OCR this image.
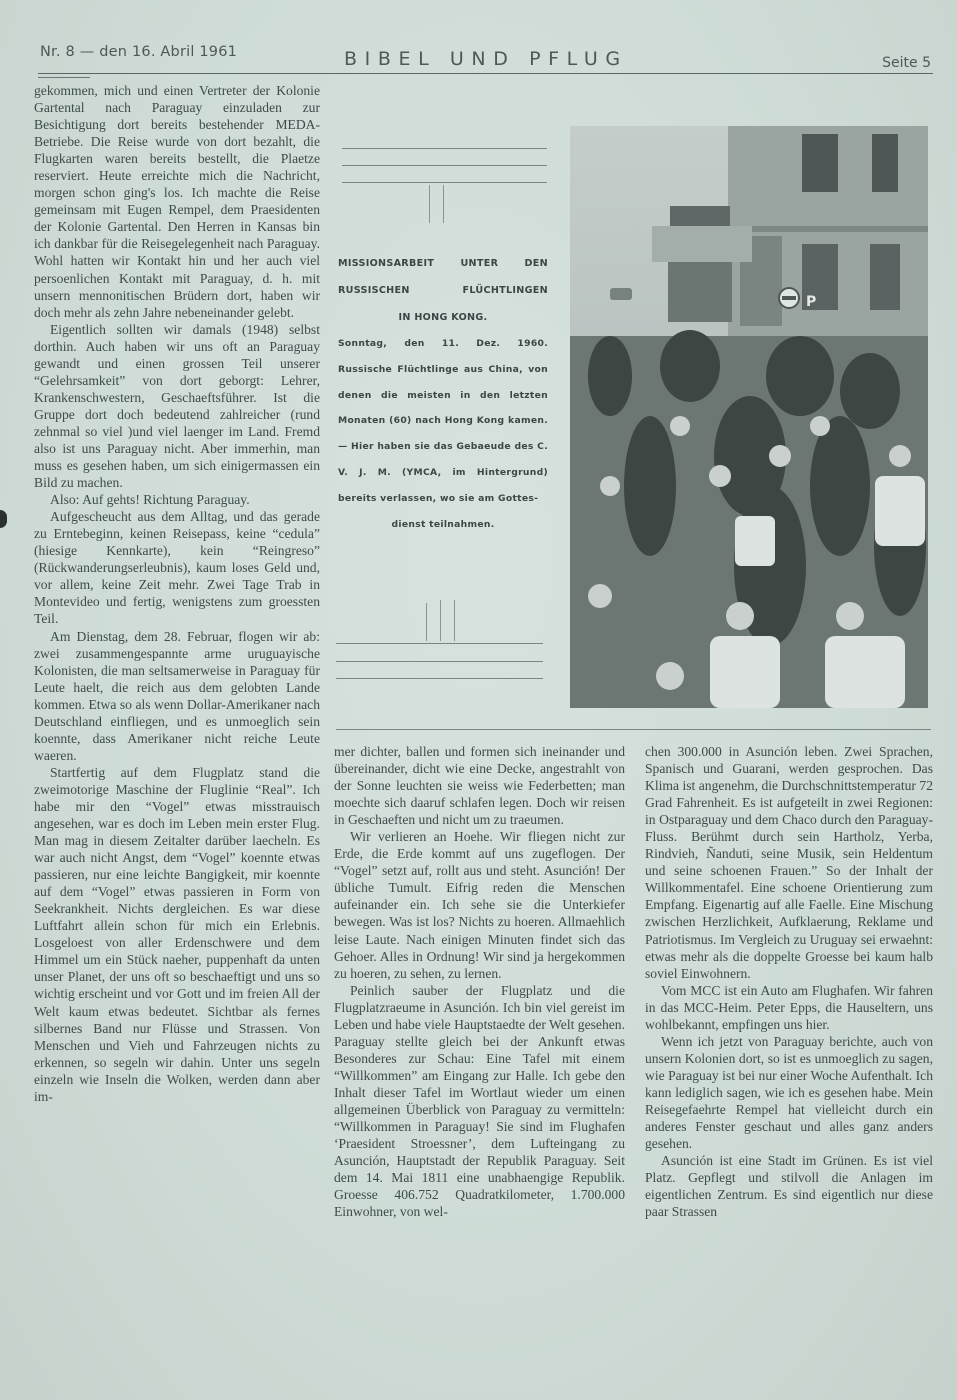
Nr. 8 — den 16. Abril 1961	BIBEL UND PFLUG	Seite 5

gekommen, mich und einen Vertreter der Kolonie Gartental nach Paraguay einzuladen zur Besichtigung dort bereits bestehender MEDA-Betriebe. Die Reise wurde von dort bezahlt, die Flugkarten waren bereits bestellt, die Plaetze reserviert. Heute erreichte mich die Nachricht, morgen schon ging's los. Ich machte die Reise gemeinsam mit Eugen Rempel, dem Praesidenten der Kolonie Gartental. Den Herren in Kansas bin ich dankbar für die Reisegelegenheit nach Paraguay. Wohl hatten wir Kontakt hin und her auch viel persoenlichen Kontakt mit Paraguay, d. h. mit unsern mennonitischen Brüdern dort, haben wir doch mehr als zehn Jahre nebeneinander gelebt.

Eigentlich sollten wir damals (1948) selbst dorthin. Auch haben wir uns oft an Paraguay gewandt und einen grossen Teil unserer “Gelehrsamkeit” von dort geborgt: Lehrer, Krankenschwestern, Geschaeftsführer. Ist die Gruppe dort doch bedeutend zahlreicher (rund zehnmal so viel )und viel laenger im Land. Fremd also ist uns Paraguay nicht. Aber immerhin, man muss es gesehen haben, um sich einigermassen ein Bild zu machen.

Also: Auf gehts! Richtung Paraguay.

Aufgescheucht aus dem Alltag, und das gerade zu Erntebeginn, keinen Reisepass, keine “cedula” (hiesige Kennkarte), kein “Reingreso” (Rückwanderungserleubnis), kaum loses Geld und, vor allem, keine Zeit mehr. Zwei Tage Trab in Montevideo und fertig, wenigstens zum groessten Teil.

Am Dienstag, dem 28. Februar, flogen wir ab: zwei zusammengespannte arme uruguayische Kolonisten, die man seltsamerweise in Paraguay für Leute haelt, die reich aus dem gelobten Lande kommen. Etwa so als wenn Dollar-Amerikaner nach Deutschland einfliegen, und es unmoeglich sein koennte, dass Amerikaner nicht reiche Leute waeren.

Startfertig auf dem Flugplatz stand die zweimotorige Maschine der Fluglinie “Real”. Ich habe mir den “Vogel” etwas misstrauisch angesehen, war es doch im Leben mein erster Flug. Man mag in diesem Zeitalter darüber laecheln. Es war auch nicht Angst, dem “Vogel” koennte etwas passieren, nur eine leichte Bangigkeit, mir koennte auf dem “Vogel” etwas passieren in Form von Seekrankheit. Nichts dergleichen. Es war diese Luftfahrt allein schon für mich ein Erlebnis. Losgeloest von aller Erdenschwere und dem Himmel um ein Stück naeher, puppenhaft da unten unser Planet, der uns oft so beschaeftigt und uns so wichtig erscheint und vor Gott und im freien All der Welt kaum etwas bedeutet. Sichtbar als fernes silbernes Band nur Flüsse und Strassen. Von Menschen und Vieh und Fahrzeugen nichts zu erkennen, so segeln wir dahin. Unter uns segeln einzeln wie Inseln die Wolken, werden dann aber im-

MISSIONSARBEIT UNTER DEN

RUSSISCHEN FLÜCHTLINGEN

IN HONG KONG.

Sonntag, den 11. Dez. 1960. Russische Flüchtlinge aus China, von denen die meisten in den letzten Monaten (60) nach Hong Kong kamen. — Hier haben sie das Gebaeude des C. V. J. M. (YMCA, im Hintergrund) bereits verlassen, wo sie am Gottes-
dienst teilnahmen.

P

mer dichter, ballen und formen sich ineinander und übereinander, dicht wie eine Decke, angestrahlt von der Sonne leuchten sie weiss wie Federbetten; man moechte sich daaruf schlafen legen. Doch wir reisen in Geschaeften und nicht um zu traeumen.

Wir verlieren an Hoehe. Wir fliegen nicht zur Erde, die Erde kommt auf uns zugeflogen. Der “Vogel” setzt auf, rollt aus und steht. Asunción! Der übliche Tumult. Eifrig reden die Menschen aufeinander ein. Ich sehe sie die Unterkiefer bewegen. Was ist los? Nichts zu hoeren. Allmaehlich leise Laute. Nach einigen Minuten findet sich das Gehoer. Alles in Ordnung! Wir sind ja hergekommen zu hoeren, zu sehen, zu lernen.

Peinlich sauber der Flugplatz und die Flugplatzraeume in Asunción. Ich bin viel gereist im Leben und habe viele Hauptstaedte der Welt gesehen. Paraguay stellte gleich bei der Ankunft etwas Besonderes zur Schau: Eine Tafel mit einem “Willkommen” am Eingang zur Halle. Ich gebe den Inhalt dieser Tafel im Wortlaut wieder um einen allgemeinen Überblick von Paraguay zu vermitteln: “Willkommen in Paraguay! Sie sind im Flughafen ‘Praesident Stroessner’, dem Lufteingang zu Asunción, Hauptstadt der Republik Paraguay. Seit dem 14. Mai 1811 eine unabhaengige Republik. Groesse 406.752 Quadratkilometer, 1.700.000 Einwohner, von wel-

chen 300.000 in Asunción leben. Zwei Sprachen, Spanisch und Guarani, werden gesprochen. Das Klima ist angenehm, die Durchschnittstemperatur 72 Grad Fahrenheit. Es ist aufgeteilt in zwei Regionen: in Ostparaguay und dem Chaco durch den Paraguay-Fluss. Berühmt durch sein Hartholz, Yerba, Rindvieh, Ñanduti, seine Musik, sein Heldentum und seine schoenen Frauen.” So der Inhalt der Willkommentafel. Eine schoene Orientierung zum Empfang. Eigenartig auf alle Faelle. Eine Mischung zwischen Herzlichkeit, Aufklaerung, Reklame und Patriotismus. Im Vergleich zu Uruguay sei erwaehnt: etwas mehr als die doppelte Groesse bei kaum halb soviel Einwohnern.

Vom MCC ist ein Auto am Flughafen. Wir fahren in das MCC-Heim. Peter Epps, die Hauseltern, uns wohlbekannt, empfingen uns hier.

Wenn ich jetzt von Paraguay berichte, auch von unsern Kolonien dort, so ist es unmoeglich zu sagen, wie Paraguay ist bei nur einer Woche Aufenthalt. Ich kann lediglich sagen, wie ich es gesehen habe. Mein Reisegefaehrte Rempel hat vielleicht durch ein anderes Fenster geschaut und alles ganz anders gesehen.

Asunción ist eine Stadt im Grünen. Es ist viel Platz. Gepflegt und stilvoll die Anlagen im eigentlichen Zentrum. Es sind eigentlich nur diese paar Strassen
